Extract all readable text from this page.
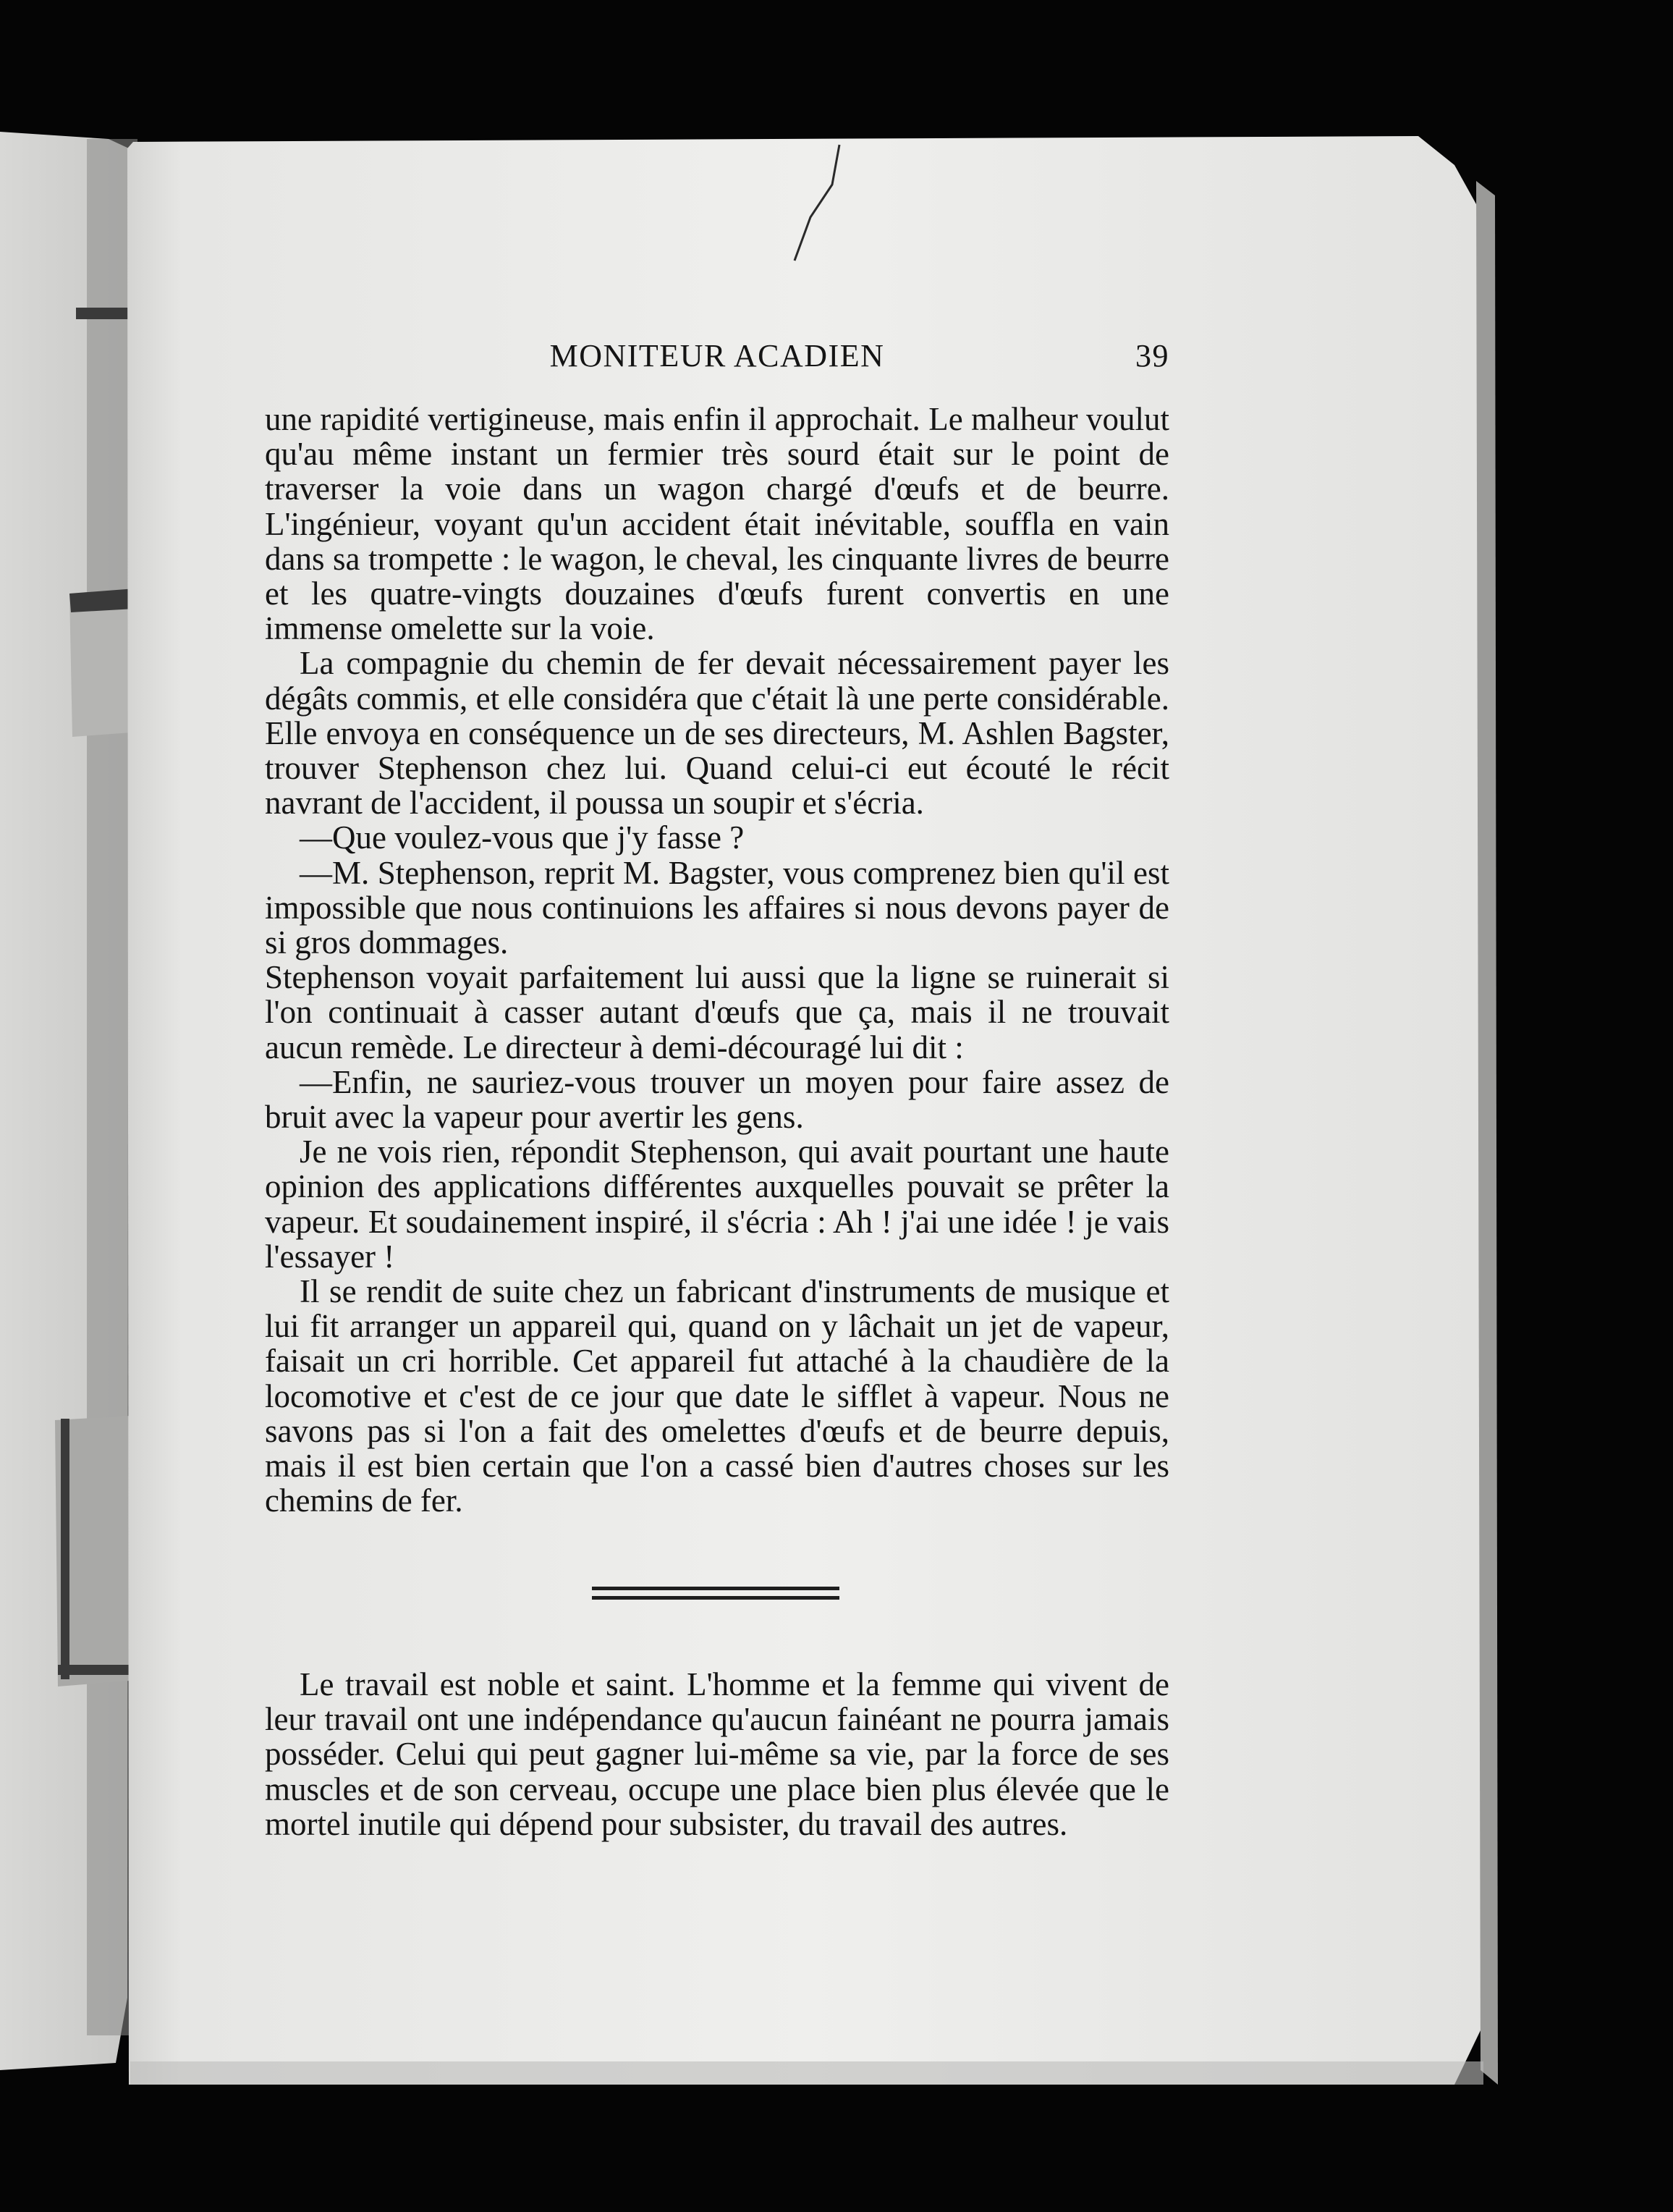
MONITEUR ACADIEN	39

une rapidité vertigineuse, mais enfin il approchait. Le malheur voulut qu'au même instant un fermier très sourd était sur le point de traverser la voie dans un wagon chargé d'œufs et de beurre. L'ingénieur, voyant qu'un accident était inévitable, souffla en vain dans sa trompette : le wagon, le cheval, les cinquante livres de beurre et les quatre-vingts douzaines d'œufs furent convertis en une immense omelette sur la voie.

La compagnie du chemin de fer devait nécessairement payer les dégâts commis, et elle considéra que c'était là une perte considérable. Elle envoya en conséquence un de ses directeurs, M. Ashlen Bagster, trouver Stephenson chez lui. Quand celui-ci eut écouté le récit navrant de l'accident, il poussa un soupir et s'écria.

—Que voulez-vous que j'y fasse ?

—M. Stephenson, reprit M. Bagster, vous comprenez bien qu'il est impossible que nous continuions les affaires si nous devons payer de si gros dommages.

Stephenson voyait parfaitement lui aussi que la ligne se ruinerait si l'on continuait à casser autant d'œufs que ça, mais il ne trouvait aucun remède. Le directeur à demi-découragé lui dit :

—Enfin, ne sauriez-vous trouver un moyen pour faire assez de bruit avec la vapeur pour avertir les gens.

Je ne vois rien, répondit Stephenson, qui avait pourtant une haute opinion des applications différentes auxquelles pouvait se prêter la vapeur. Et soudainement inspiré, il s'écria : Ah ! j'ai une idée ! je vais l'essayer !

Il se rendit de suite chez un fabricant d'instruments de musique et lui fit arranger un appareil qui, quand on y lâchait un jet de vapeur, faisait un cri horrible. Cet appareil fut attaché à la chaudière de la locomotive et c'est de ce jour que date le sifflet à vapeur. Nous ne savons pas si l'on a fait des omelettes d'œufs et de beurre depuis, mais il est bien certain que l'on a cassé bien d'autres choses sur les chemins de fer.

Le travail est noble et saint. L'homme et la femme qui vivent de leur travail ont une indépendance qu'aucun fainéant ne pourra jamais posséder. Celui qui peut gagner lui-même sa vie, par la force de ses muscles et de son cerveau, occupe une place bien plus élevée que le mortel inutile qui dépend pour subsister, du travail des autres.
